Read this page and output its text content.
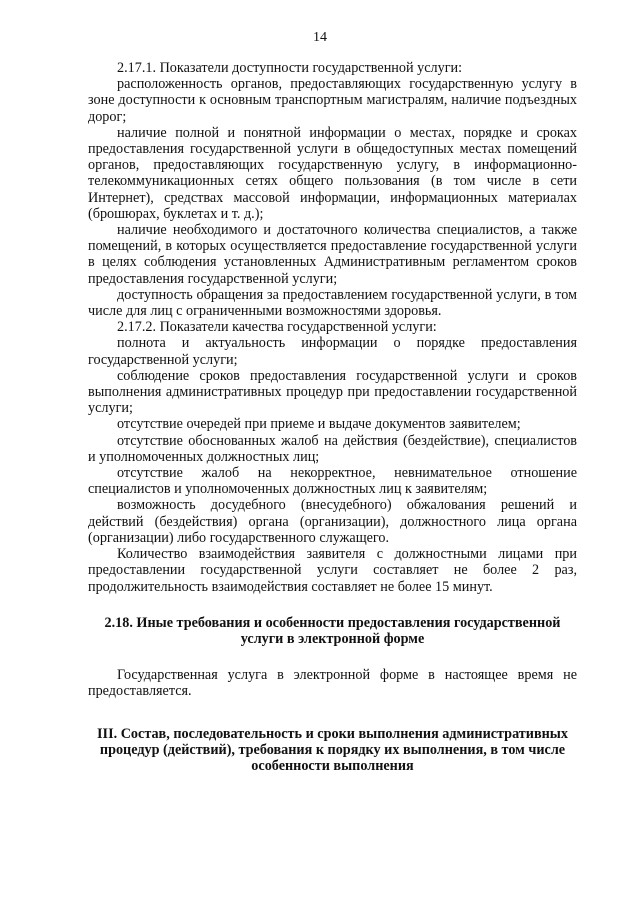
14

2.17.1. Показатели доступности государственной услуги:

расположенность органов, предоставляющих государственную услугу в зоне доступности к основным транспортным магистралям, наличие подъездных дорог;

наличие полной и понятной информации о местах, порядке и сроках предоставления государственной услуги в общедоступных местах помещений органов, предоставляющих государственную услугу, в информационно-телекоммуникационных сетях общего пользования (в том числе в сети Интернет), средствах массовой информации, информационных материалах (брошюрах, буклетах и т. д.);

наличие необходимого и достаточного количества специалистов, а также помещений, в которых осуществляется предоставление государственной услуги в целях соблюдения установленных Административным регламентом сроков предоставления государственной услуги;

доступность обращения за предоставлением государственной услуги, в том числе для лиц с ограниченными возможностями здоровья.

2.17.2. Показатели качества государственной услуги:

полнота и актуальность информации о порядке предоставления государственной услуги;

соблюдение сроков предоставления государственной услуги и сроков выполнения административных процедур при предоставлении государственной услуги;

отсутствие очередей при приеме и выдаче документов заявителем;

отсутствие обоснованных жалоб на действия (бездействие), специалистов и уполномоченных должностных лиц;

отсутствие жалоб на некорректное, невнимательное отношение специалистов и уполномоченных должностных лиц к заявителям;

возможность досудебного (внесудебного) обжалования решений и действий (бездействия) органа (организации), должностного лица органа (организации) либо государственного служащего.

Количество взаимодействия заявителя с должностными лицами при предоставлении государственной услуги составляет не более 2 раз, продолжительность взаимодействия составляет не более 15 минут.

2.18. Иные требования и особенности предоставления государственной услуги в электронной форме

Государственная услуга в электронной форме в настоящее время не предоставляется.

III. Состав, последовательность и сроки выполнения административных процедур (действий), требования к порядку их выполнения, в том числе особенности выполнения
